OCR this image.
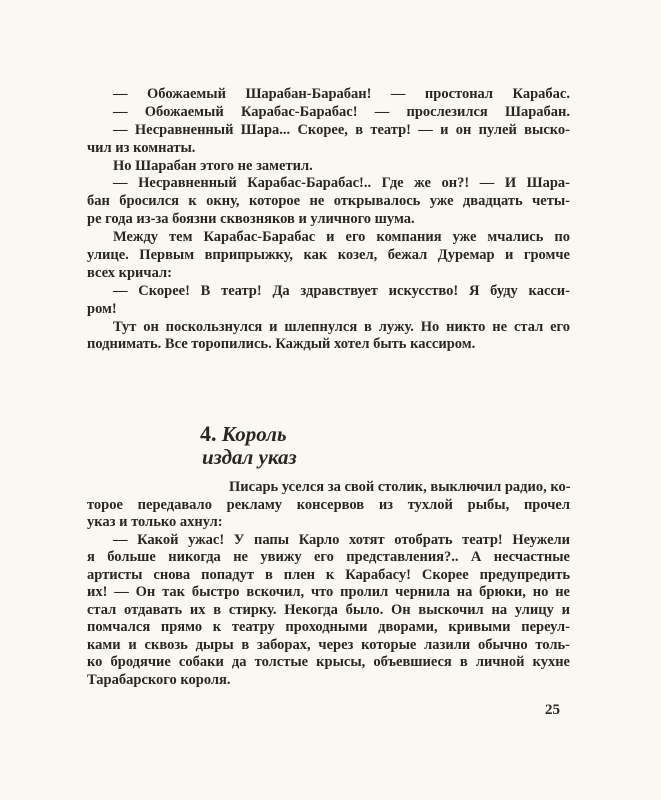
— Обожаемый Шарабан-Барабан! — простонал Карабас.
— Обожаемый Карабас-Барабас! — прослезился Шарабан.
— Несравненный Шара... Скорее, в театр! — и он пулей выско-
чил из комнаты.
Но Шарабан этого не заметил.
— Несравненный Карабас-Барабас!.. Где же он?! — И Шара-
бан бросился к окну, которое не открывалось уже двадцать четы-
ре года из-за боязни сквозняков и уличного шума.
Между тем Карабас-Барабас и его компания уже мчались по
улице. Первым вприпрыжку, как козел, бежал Дуремар и громче
всех кричал:
— Скорее! В театр! Да здравствует искусство! Я буду касси-
ром!
Тут он поскользнулся и шлепнулся в лужу. Но никто не стал его
поднимать. Все торопились. Каждый хотел быть кассиром.
4. Король
издал указ
Писарь уселся за свой столик, выключил радио, ко-
торое передавало рекламу консервов из тухлой рыбы, прочел
указ и только ахнул:
— Какой ужас! У папы Карло хотят отобрать театр! Неужели
я больше никогда не увижу его представления?.. А несчастные
артисты снова попадут в плен к Карабасу! Скорее предупредить
их! — Он так быстро вскочил, что пролил чернила на брюки, но не
стал отдавать их в стирку. Некогда было. Он выскочил на улицу и
помчался прямо к театру проходными дворами, кривыми переул-
ками и сквозь дыры в заборах, через которые лазили обычно толь-
ко бродячие собаки да толстые крысы, объевшиеся в личной кухне
Тарабарского короля.
25
